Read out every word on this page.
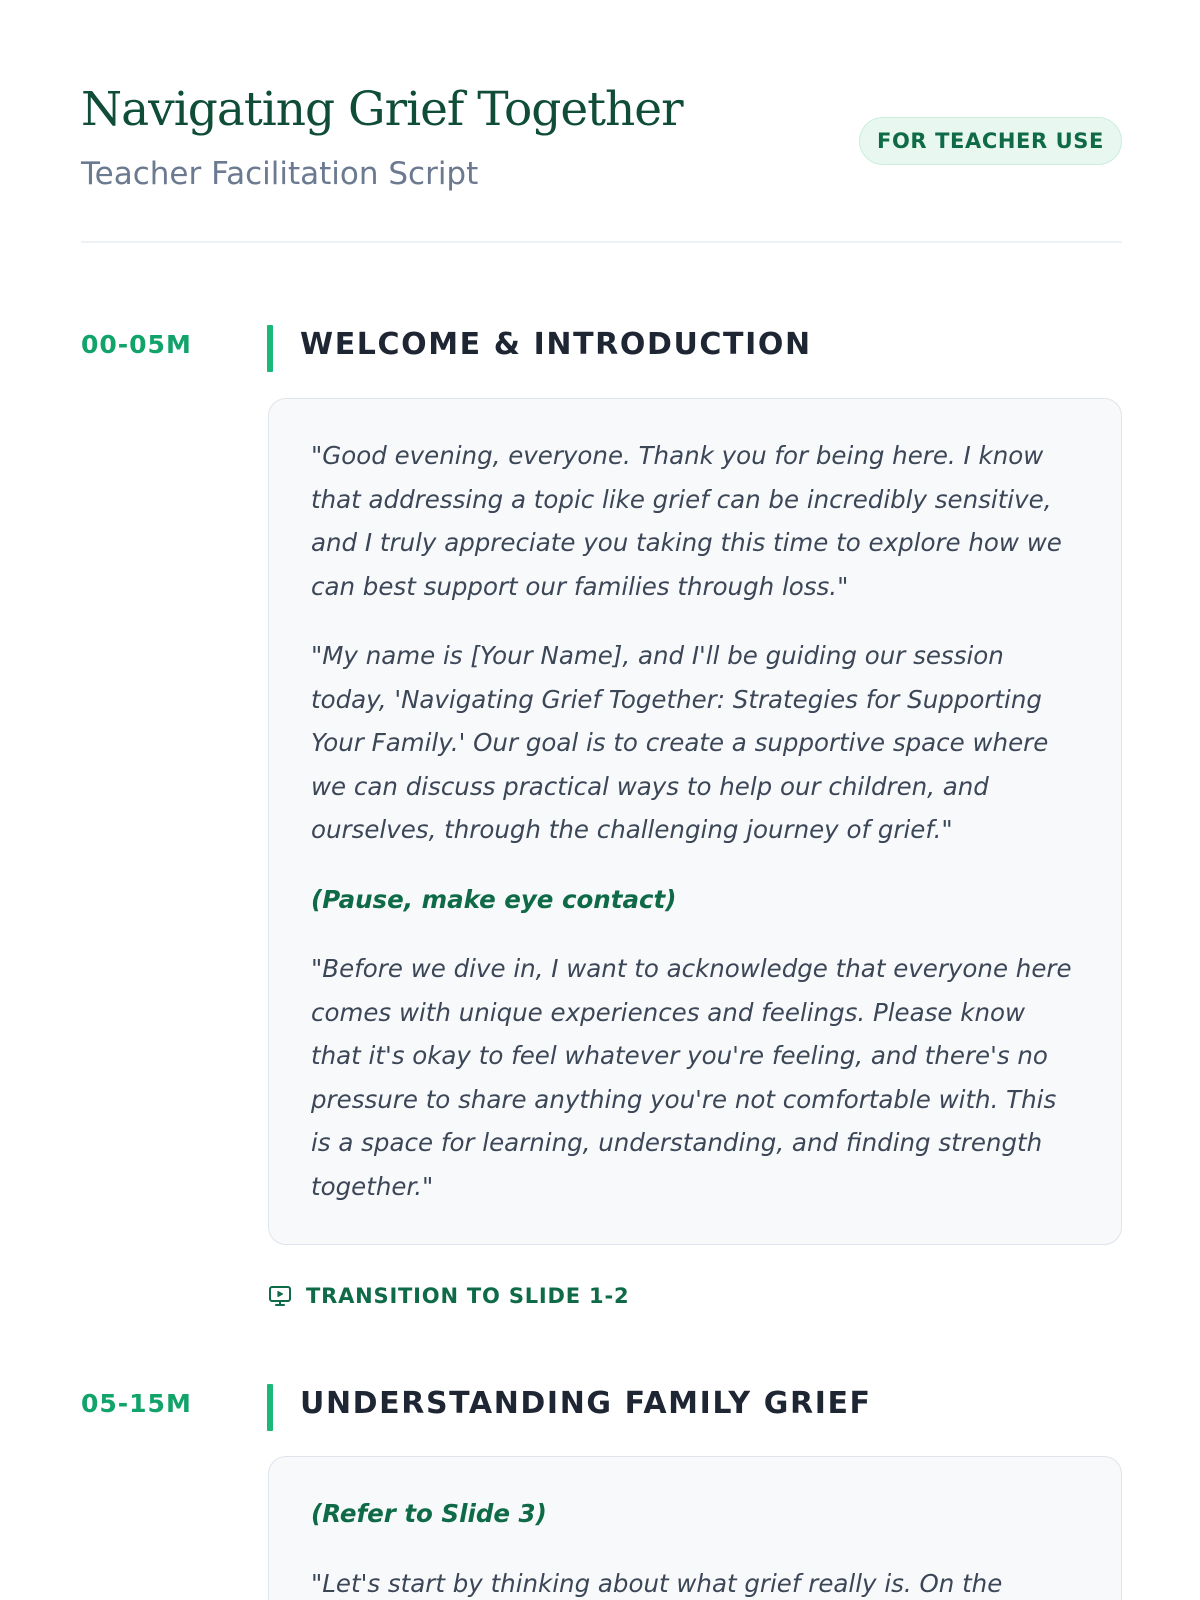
Navigating Grief Together
Teacher Facilitation Script
FOR TEACHER USE
00-05M	WELCOME & INTRODUCTION

"Good evening, everyone. Thank you for being here. I know that addressing a topic like grief can be incredibly sensitive, and I truly appreciate you taking this time to explore how we can best support our families through loss."

"My name is [Your Name], and I'll be guiding our session today, 'Navigating Grief Together: Strategies for Supporting Your Family.' Our goal is to create a supportive space where we can discuss practical ways to help our children, and ourselves, through the challenging journey of grief."

(Pause, make eye contact)

"Before we dive in, I want to acknowledge that everyone here comes with unique experiences and feelings. Please know that it's okay to feel whatever you're feeling, and there's no pressure to share anything you're not comfortable with. This is a space for learning, understanding, and finding strength together."

TRANSITION TO SLIDE 1-2
05-15M	UNDERSTANDING FAMILY GRIEF

(Refer to Slide 3)

"Let's start by thinking about what grief really is. On the
